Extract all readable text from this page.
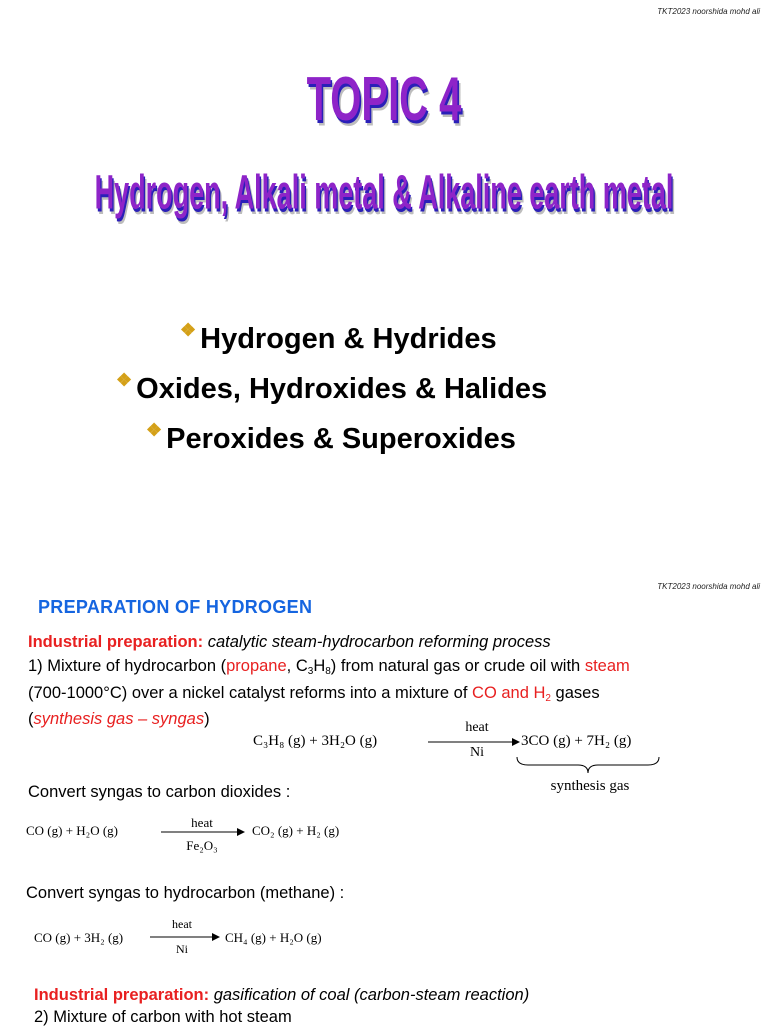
TKT2023 noorshida mohd ali
TOPIC 4
Hydrogen, Alkali metal & Alkaline earth metal
❖ Hydrogen & Hydrides
❖ Oxides, Hydroxides & Halides
❖ Peroxides & Superoxides
TKT2023 noorshida mohd ali
PREPARATION OF HYDROGEN
Industrial preparation: catalytic steam-hydrocarbon reforming process
1) Mixture of hydrocarbon (propane, $C_3H_8$) from natural gas or crude oil with steam
(700-1000°C) over a nickel catalyst reforms into a mixture of CO and $H_2$ gases
(synthesis gas – syngas)
C₃H₈ (g) + 3H₂O (g)
heat
Ni
3CO (g) + 7H₂ (g)
synthesis gas
Convert syngas to carbon dioxides :
CO (g) + H₂O (g)
heat
Fe₂O₃
CO₂ (g) + H₂ (g)
Convert syngas to hydrocarbon (methane) :
CO (g) + 3H₂ (g)
heat
Ni
CH₄ (g) + H₂O (g)
Industrial preparation: gasification of coal (carbon-steam reaction)
2) Mixture of carbon with hot steam
